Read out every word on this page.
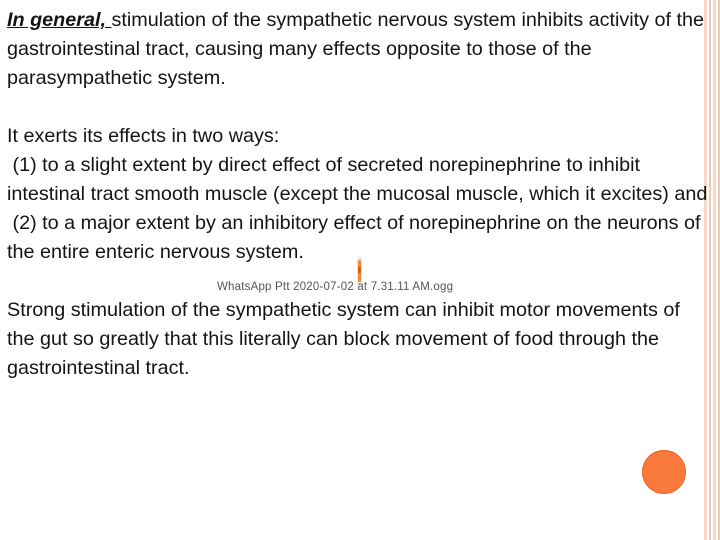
In general, stimulation of the sympathetic nervous system inhibits activity of the gastrointestinal tract, causing many effects opposite to those of the parasympathetic system.

It exerts its effects in two ways:

(1) to a slight extent by direct effect of secreted norepinephrine to inhibit intestinal tract smooth muscle (except the mucosal muscle, which it excites) and

(2) to a major extent by an inhibitory effect of norepinephrine on the neurons of the entire enteric nervous system.

Strong stimulation of the sympathetic system can inhibit motor movements of the gut so greatly that this literally can block movement of food through the gastrointestinal tract.

WhatsApp Ptt 2020-07-02 at 7.31.11 AM.ogg
